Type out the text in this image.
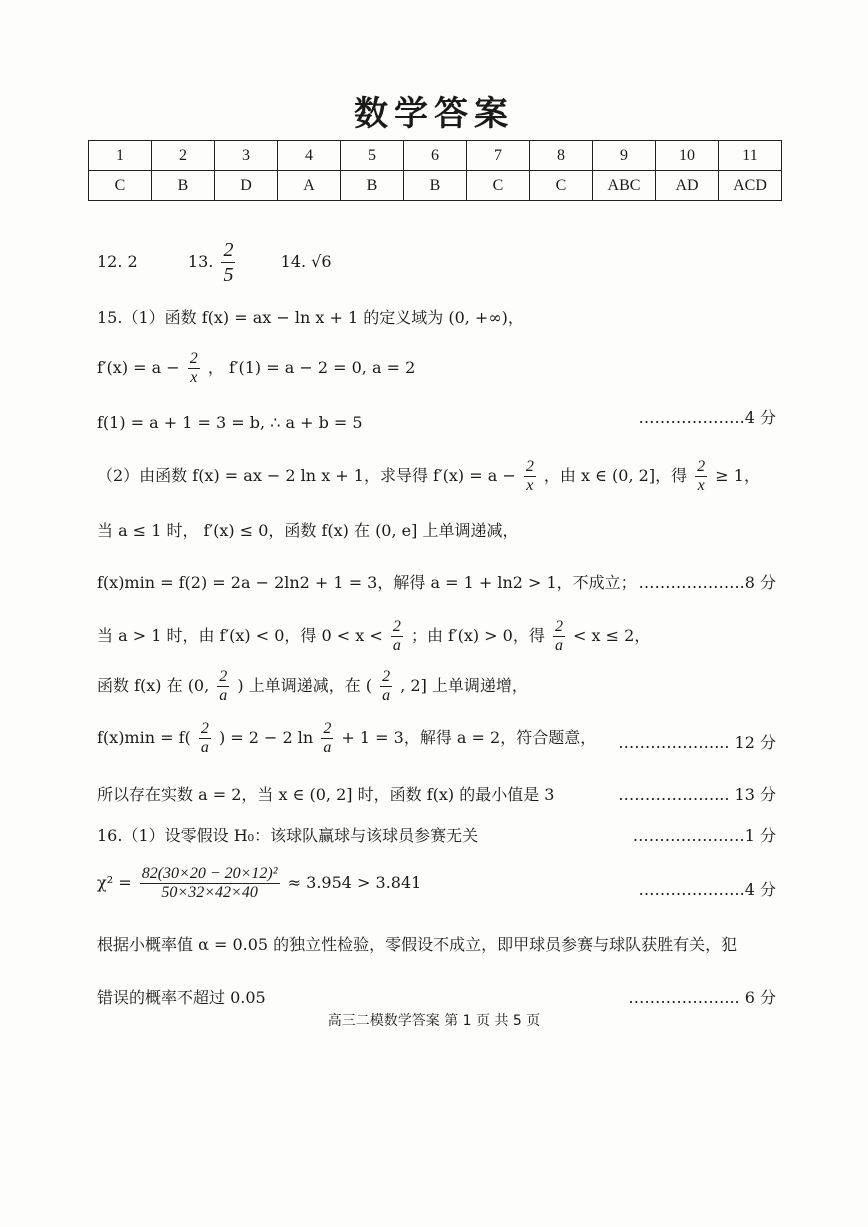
数学答案
1	2	3	4	5	6	7	8	9	10	11
C	B	D	A	B	B	C	C	ABC	AD	ACD
12. 2	13. $\frac{2}{5}$	14. √6
15.（1）函数 f(x) = ax − ln x + 1 的定义域为 (0, +∞)，
$f'(x) = a - \frac{2}{x}$ ， f′(1) = a − 2 = 0, a = 2
f(1) = a + 1 = 3 = b, ∴ a + b = 5	………………..4 分
（2）由函数 f(x) = ax − 2 ln x + 1，求导得 $f'(x) = a - \frac{2}{x}$ ，由 x ∈ (0, 2]，得 $\frac{2}{x} \ge 1$，
当 a ≤ 1 时， f′(x) ≤ 0，函数 f(x) 在 (0, e] 上单调递减，
f(x)min = f(2) = 2a − 2ln2 + 1 = 3，解得 a = 1 + ln2 > 1，不成立； ………………..8 分
当 a > 1 时，由 f′(x) < 0，得 $0 < x < \frac{2}{a}$ ；由 f′(x) > 0，得 $\frac{2}{a} < x \le 2$，
函数 f(x) 在 (0, $\frac{2}{a}$ ) 上单调递减，在 ( $\frac{2}{a}$ , 2] 上单调递增，
$f(x)\min = f( \frac{2}{a}$ ) = 2 − 2 $\ln \frac{2}{a} + 1 = 3$，解得 a = 2，符合题意， ………………... 12 分
所以存在实数 a = 2，当 x ∈ (0, 2] 时，函数 f(x) 的最小值是 3	………………... 13 分
16.（1）设零假设 H₀：该球队赢球与该球员参赛无关	…………………1 分
$\chi^2 = \frac{\text{82(30×20 − 20×12)²}}{50\times 32\times 42\times 40} \approx 3.954 > 3.841$	………………..4 分
根据小概率值 α = 0.05 的独立性检验，零假设不成立，即甲球员参赛与球队获胜有关，犯
错误的概率不超过 0.05	………………... 6 分
高三二模数学答案 第 1 页 共 5 页
